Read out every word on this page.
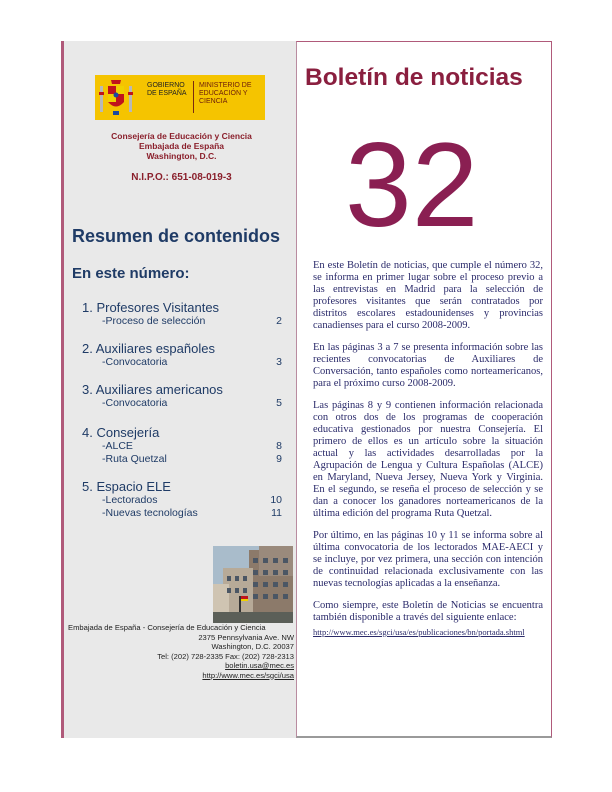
GOBIERNO DE ESPAÑA
MINISTERIO DE EDUCACIÓN Y CIENCIA
Consejería de Educación y Ciencia
Embajada de España
Washington, D.C.
N.I.P.O.: 651-08-019-3
Resumen de contenidos
En este número:
1. Profesores Visitantes
-Proceso de selección	2
2. Auxiliares españoles
-Convocatoria	3
3. Auxiliares americanos
-Convocatoria	5
4. Consejería
-ALCE	8
-Ruta Quetzal	9
5. Espacio ELE
-Lectorados	10
-Nuevas tecnologías	11
Embajada de España - Consejería de Educación y Ciencia
2375 Pennsylvania Ave. NW
Washington, D.C. 20037
Tel: (202) 728-2335 Fax: (202) 728-2313
boletin.usa@mec.es
http://www.mec.es/sgci/usa
Boletín de noticias
32

En este Boletín de noticias, que cumple el número 32, se informa en primer lugar sobre el proceso previo a las entrevistas en Madrid para la selección de profesores visitantes que serán contratados por distritos escolares estadounidenses y provincias canadienses para el curso 2008-2009.

En las páginas 3 a 7 se presenta información sobre las recientes convocatorias de Auxiliares de Conversación, tanto españoles como norteamericanos, para el próximo curso 2008-2009.

Las páginas 8 y 9 contienen información relacionada con otros dos de los programas de cooperación educativa gestionados por nuestra Consejería. El primero de ellos es un artículo sobre la situación actual y las actividades desarrolladas por la Agrupación de Lengua y Cultura Españolas (ALCE) en Maryland, Nueva Jersey, Nueva York y Virginia. En el segundo, se reseña el proceso de selección y se dan a conocer los ganadores norteamericanos de la última edición del programa Ruta Quetzal.

Por último, en las páginas 10 y 11 se informa sobre al última convocatoria de los lectorados MAE-AECI y se incluye, por vez primera, una sección con intención de continuidad relacionada exclusivamente con las nuevas tecnologías aplicadas a la enseñanza.

Como siempre, este Boletín de Noticias se encuentra también disponible a través del siguiente enlace:

http://www.mec.es/sgci/usa/es/publicaciones/bn/portada.shtml
